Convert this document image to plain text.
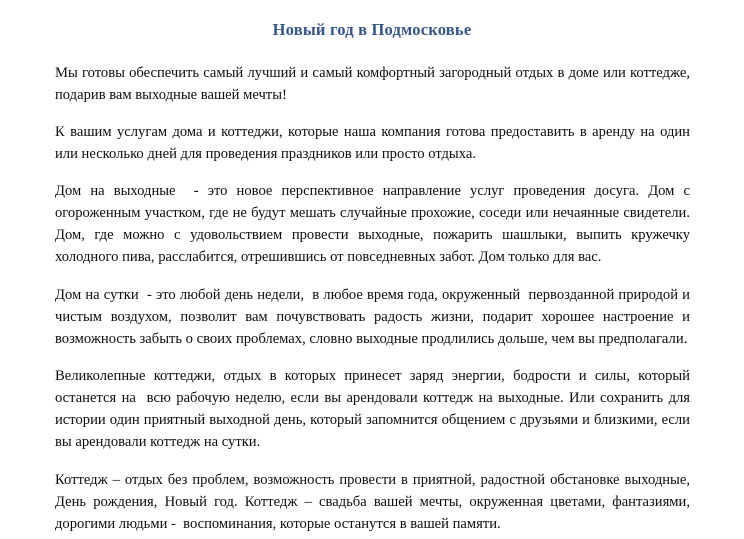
Новый год в Подмосковье

Мы готовы обеспечить самый лучший и самый комфортный загородный отдых в доме или коттедже, подарив вам выходные вашей мечты!

К вашим услугам дома и коттеджи, которые наша компания готова предоставить в аренду на один или несколько дней для проведения праздников или просто отдыха.

Дом на выходные  - это новое перспективное направление услуг проведения досуга. Дом с огороженным участком, где не будут мешать случайные прохожие, соседи или нечаянные свидетели. Дом, где можно с удовольствием провести выходные, пожарить шашлыки, выпить кружечку холодного пива, расслабится, отрешившись от повседневных забот. Дом только для вас.

Дом на сутки  - это любой день недели,  в любое время года, окруженный  первозданной природой и чистым воздухом, позволит вам почувствовать радость жизни, подарит хорошее настроение и возможность забыть о своих проблемах, словно выходные продлились дольше, чем вы предполагали.

Великолепные коттеджи, отдых в которых принесет заряд энергии, бодрости и силы, который останется на  всю рабочую неделю, если вы арендовали коттедж на выходные. Или сохранить для истории один приятный выходной день, который запомнится общением с друзьями и близкими, если вы арендовали коттедж на сутки.

Коттедж – отдых без проблем, возможность провести в приятной, радостной обстановке выходные, День рождения, Новый год. Коттедж – свадьба вашей мечты, окруженная цветами, фантазиями, дорогими людьми -  воспоминания, которые останутся в вашей памяти.
